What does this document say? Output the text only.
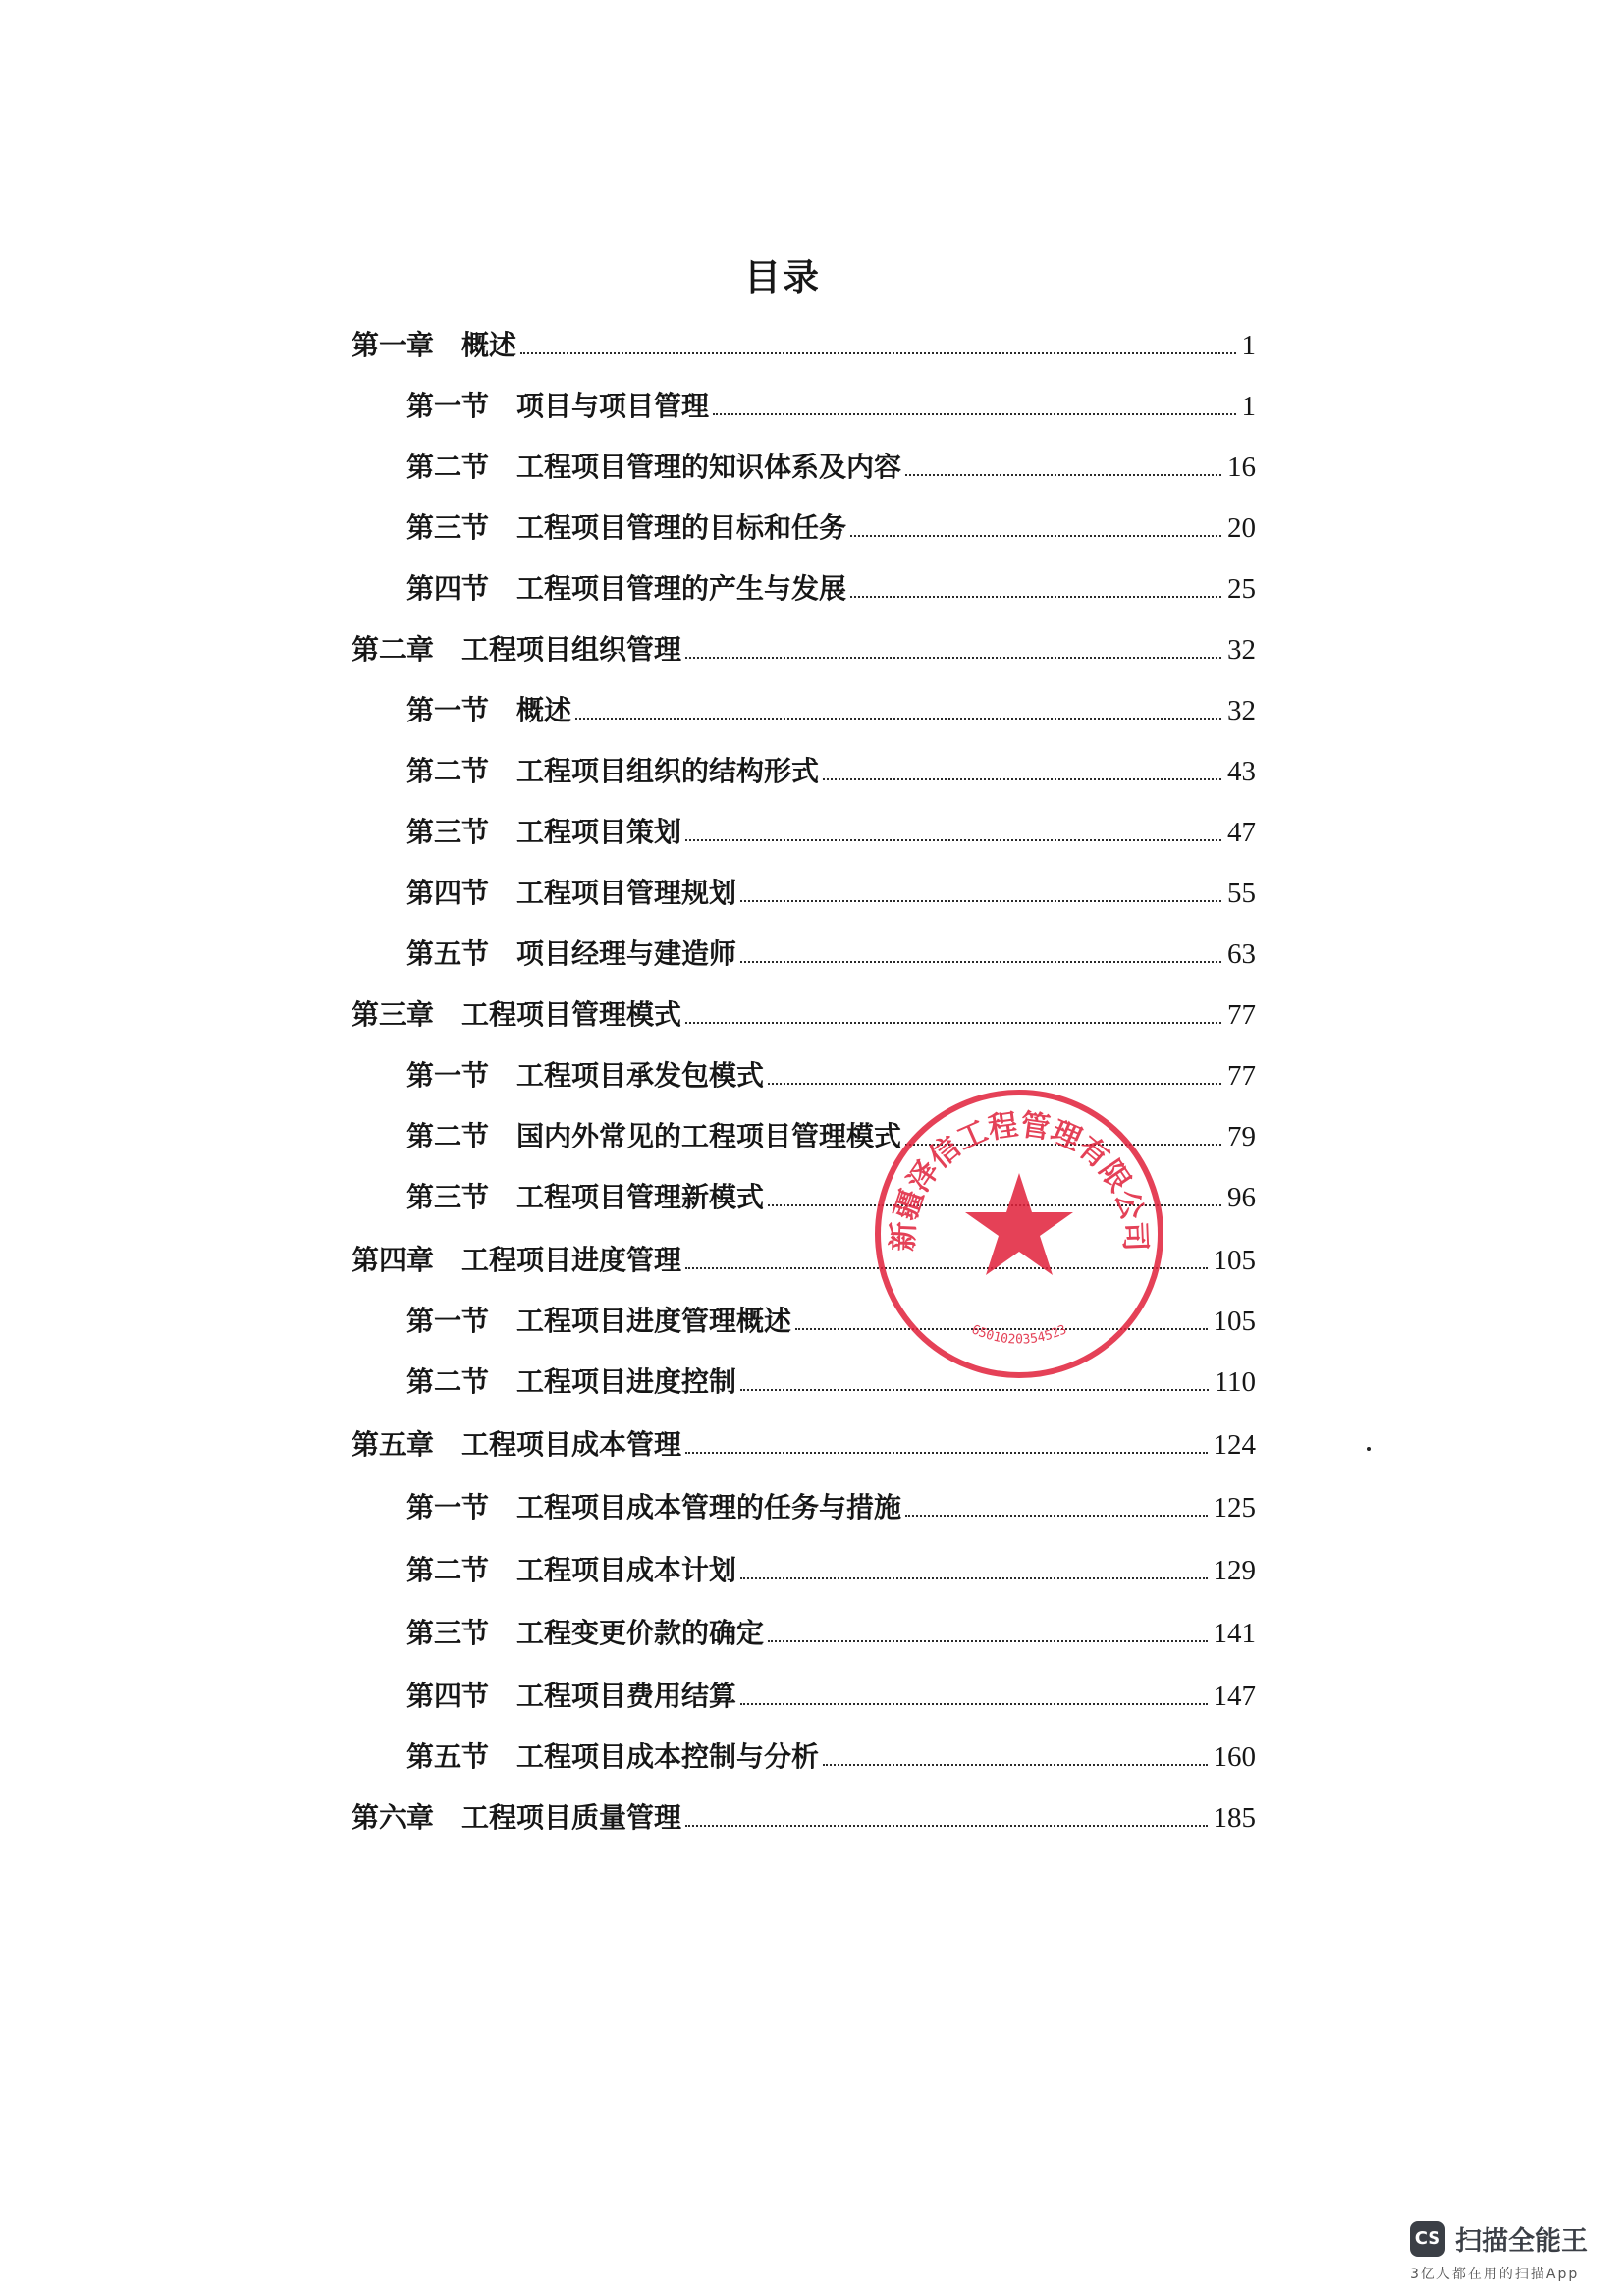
目录
第一章 概述	1
第一节 项目与项目管理	1
第二节 工程项目管理的知识体系及内容	16
第三节 工程项目管理的目标和任务	20
第四节 工程项目管理的产生与发展	25
第二章 工程项目组织管理	32
第一节 概述	32
第二节 工程项目组织的结构形式	43
第三节 工程项目策划	47
第四节 工程项目管理规划	55
第五节 项目经理与建造师	63
第三章 工程项目管理模式	77
第一节 工程项目承发包模式	77
第二节 国内外常见的工程项目管理模式	79
第三节 工程项目管理新模式	96
第四章 工程项目进度管理	105
第一节 工程项目进度管理概述	105
第二节 工程项目进度控制	110
第五章 工程项目成本管理	124
第一节 工程项目成本管理的任务与措施	125
第二节 工程项目成本计划	129
第三节 工程变更价款的确定	141
第四节 工程项目费用结算	147
第五节 工程项目成本控制与分析	160
第六章 工程项目质量管理	185
新疆泽信工程管理有限公司
6501020354523
CS 扫描全能王
3亿人都在用的扫描App
